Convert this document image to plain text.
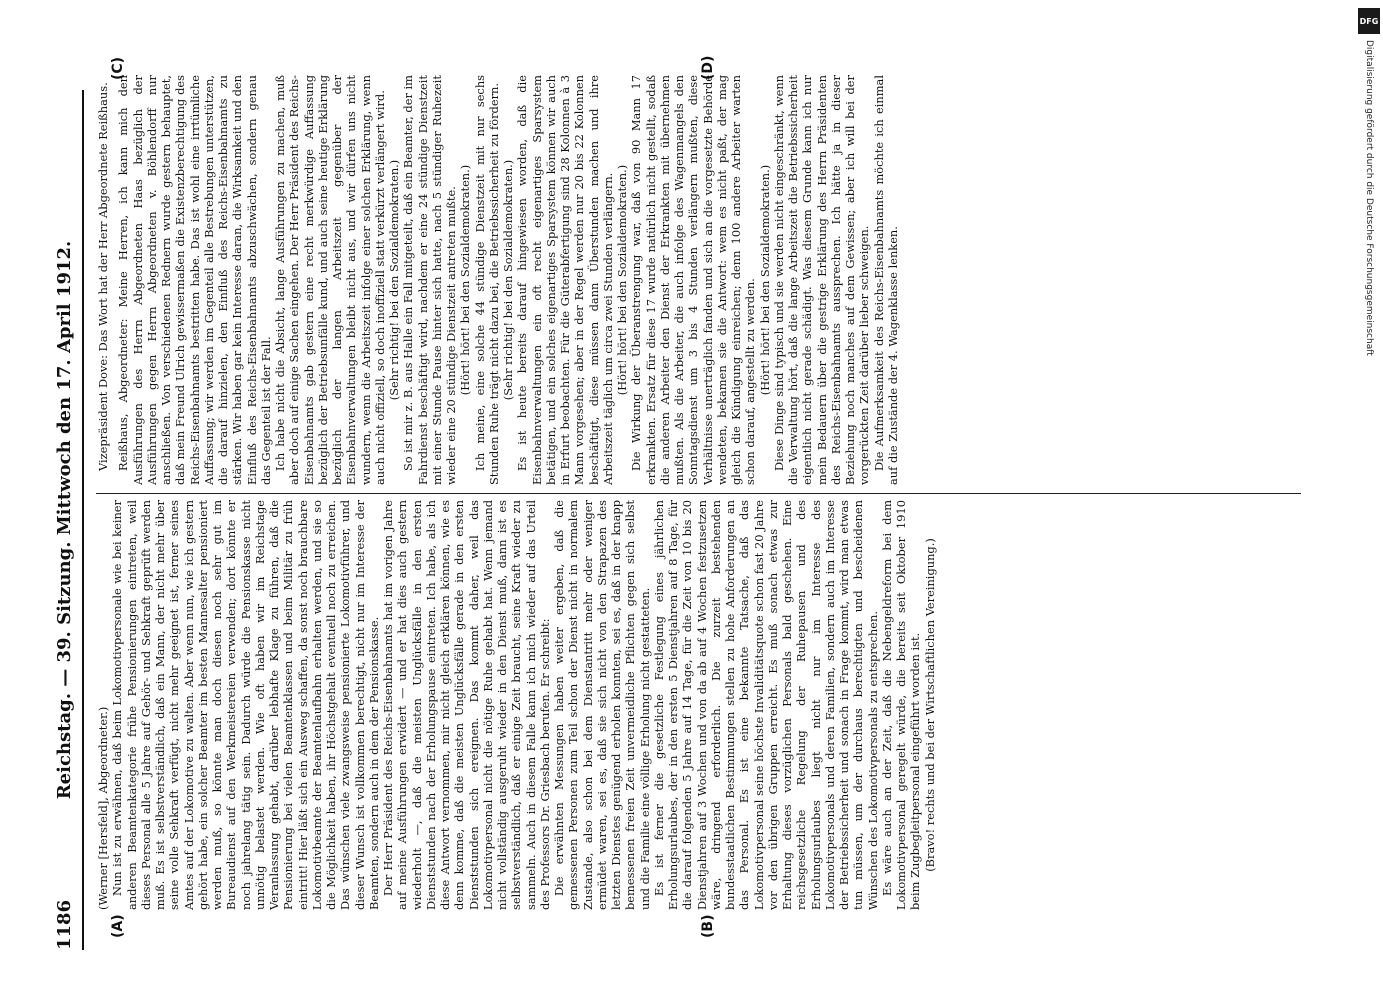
1186
Reichstag. — 39. Sitzung. Mittwoch den 17. April 1912.
(A)	(B)
(C)	(D)

(Werner [Hersfeld], Abgeordneter.) Nun ist zu erwähnen, daß beim Lokomotivpersonale wie bei keiner anderen Beamtenkategorie frühe Pensionierungen eintreten, weil dieses Personal alle 5 Jahre auf Gehör- und Sehkraft geprüft werden muß. Es ist selbstverständlich, daß ein Mann, der nicht mehr über seine volle Sehkraft verfügt, nicht mehr geeignet ist, ferner seines Amtes auf der Lokomotive zu walten. Aber wenn nun, wie ich gestern gehört habe, ein solcher Beamter im besten Mannesalter pensioniert werden muß, so könnte man doch diesen noch sehr gut im Bureaudienst auf den Werkmeistereien verwenden; dort könnte er noch jahrelang tätig sein. Dadurch würde die Pensionskasse nicht unnötig belastet werden. Wie oft haben wir im Reichstage Veranlassung gehabt, darüber lebhafte Klage zu führen, daß die Pensionierung bei vielen Beamtenklassen und beim Militär zu früh eintritt! Hier läßt sich ein Ausweg schaffen, da sonst noch brauchbare Lokomotivbeamte der Beamtenlaufbahn erhalten werden, und sie so die Möglichkeit haben, ihr Höchstgehalt eventuell noch zu erreichen. Das wünschen viele zwangsweise pensionierte Lokomotivführer, und dieser Wunsch ist vollkommen berechtigt, nicht nur im Interesse der Beamten, sondern auch in dem der Pensionskasse. Der Herr Präsident des Reichs-Eisenbahnamts hat im vorigen Jahre auf meine Ausführungen erwidert — und er hat dies auch gestern wiederholt —, daß die meisten Unglücksfälle in den ersten Dienststunden nach der Erholungspause eintreten. Ich habe, als ich diese Antwort vernommen, mir nicht gleich erklären können, wie es denn komme, daß die meisten Unglücksfälle gerade in den ersten Dienststunden sich ereignen. Das kommt daher, weil das Lokomotivpersonal nicht die nötige Ruhe gehabt hat. Wenn jemand nicht vollständig ausgeruht wieder in den Dienst muß, dann ist es selbstverständlich, daß er einige Zeit braucht, seine Kraft wieder zu sammeln. Auch in diesem Falle kann ich mich wieder auf das Urteil des Professors Dr. Griesbach berufen. Er schreibt: Die erwähnten Messungen haben weiter ergeben, daß die gemessenen Personen zum Teil schon der Dienst nicht in normalem Zustande, also schon bei dem Dienstantritt mehr oder weniger ermüdet waren, sei es, daß sie sich nicht von den Strapazen des letzten Dienstes genügend erholen konnten, sei es, daß in der knapp bemessenen freien Zeit unvermeidliche Pflichten gegen sich selbst und die Familie eine völlige Erholung nicht gestatteten. Es ist ferner die gesetzliche Festlegung eines jährlichen Erholungsurlaubes, der in den ersten 5 Dienstjahren auf 8 Tage, für die darauf folgenden 5 Jahre auf 14 Tage, für die Zeit von 10 bis 20 Dienstjahren auf 3 Wochen und von da ab auf 4 Wochen festzusetzen wäre, dringend erforderlich. Die zurzeit bestehenden bundesstaatlichen Bestimmungen stellen zu hohe Anforderungen an das Personal. Es ist eine bekannte Tatsache, daß das Lokomotivpersonal seine höchste Invaliditätsquote schon fast 20 Jahre vor den übrigen Gruppen erreicht. Es muß sonach etwas zur Erhaltung dieses vorzüglichen Personals bald geschehen. Eine reichsgesetzliche Regelung der Ruhepausen und des Erholungsurlaubes liegt nicht nur im Interesse des Lokomotivpersonals und deren Familien, sondern auch im Interesse der Betriebssicherheit und sonach in Frage kommt, wird man etwas tun müssen, um der durchaus berechtigten und bescheidenen Wünschen des Lokomotivpersonals zu entsprechen. Es wäre auch an der Zeit, daß die Nebengeldreform bei dem Lokomotivpersonal geregelt würde, die bereits seit Oktober 1910 beim Zugbegleitpersonal eingeführt worden ist. (Bravo! rechts und bei der Wirtschaftlichen Vereinigung.)

Vizepräsident Dove: Das Wort hat der Herr Abgeordnete Reißhaus. Reißhaus, Abgeordneter: Meine Herren, ich kann mich den Ausführungen des Herrn Abgeordneten Haas bezüglich der Ausführungen gegen Herrn Abgeordneten v. Böhlendorff nur anschließen. Von verschiedenen Rednern wurde gestern behauptet, daß mein Freund Ulrich gewissermaßen die Existenzberechtigung des Reichs-Eisenbahnamts bestritten habe. Das ist wohl eine irrtümliche Auffassung; wir werden im Gegenteil alle Bestrebungen unterstützen, die darauf hinzielen, den Einfluß des Reichs-Eisenbahnamts zu stärken. Wir haben gar kein Interesse daran, die Wirksamkeit und den Einfluß des Reichs-Eisenbahnamts abzuschwächen, sondern genau das Gegenteil ist der Fall. Ich habe nicht die Absicht, lange Ausführungen zu machen, muß aber doch auf einige Sachen eingehen. Der Herr Präsident des Reichs-Eisenbahnamts gab gestern eine recht merkwürdige Auffassung bezüglich der Betriebsunfälle kund, und auch seine heutige Erklärung bezüglich der langen Arbeitszeit gegenüber der Eisenbahnverwaltungen bleibt nicht aus, und wir dürfen uns nicht wundern, wenn die Arbeitszeit infolge einer solchen Erklärung, wenn auch nicht offiziell, so doch inoffiziell statt verkürzt verlängert wird. (Sehr richtig! bei den Sozialdemokraten.) So ist mir z. B. aus Halle ein Fall mitgeteilt, daß ein Beamter, der im Fahrdienst beschäftigt wird, nachdem er eine 24 stündige Dienstzeit mit einer Stunde Pause hinter sich hatte, nach 5 stündiger Ruhezeit wieder eine 20 stündige Dienstzeit antreten mußte. (Hört! hört! bei den Sozialdemokraten.) Ich meine, eine solche 44 stündige Dienstzeit mit nur sechs Stunden Ruhe trägt nicht dazu bei, die Betriebssicherheit zu fördern. (Sehr richtig! bei den Sozialdemokraten.) Es ist heute bereits darauf hingewiesen worden, daß die Eisenbahnverwaltungen ein oft recht eigenartiges Sparsystem betätigen, und ein solches eigenartiges Sparsystem können wir auch in Erfurt beobachten. Für die Güterabfertigung sind 28 Kolonnen à 3 Mann vorgesehen; aber in der Regel werden nur 20 bis 22 Kolonnen beschäftigt, diese müssen dann Überstunden machen und ihre Arbeitszeit täglich um circa zwei Stunden verlängern. (Hört! hört! bei den Sozialdemokraten.) Die Wirkung der Überanstrengung war, daß von 90 Mann 17 erkrankten. Ersatz für diese 17 wurde natürlich nicht gestellt, sodaß die anderen Arbeiter den Dienst der Erkrankten mit übernehmen mußten. Als die Arbeiter, die auch infolge des Wagenmangels den Sonntagsdienst um 3 bis 4 Stunden verlängern mußten, diese Verhältnisse unerträglich fanden und sich an die vorgesetzte Behörde wendeten, bekamen sie die Antwort: wem es nicht paßt, der mag gleich die Kündigung einreichen; denn 100 andere Arbeiter warten schon darauf, angestellt zu werden. (Hört! hört! bei den Sozialdemokraten.) Diese Dinge sind typisch und sie werden nicht eingeschränkt, wenn die Verwaltung hört, daß die lange Arbeitszeit die Betriebssicherheit eigentlich nicht gerade schädigt. Was diesem Grunde kann ich nur mein Bedauern über die gestrige Erklärung des Herrn Präsidenten des Reichs-Eisenbahnamts aussprechen. Ich hätte ja in dieser Beziehung noch manches auf dem Gewissen; aber ich will bei der vorgerückten Zeit darüber lieber schweigen. Die Aufmerksamkeit des Reichs-Eisenbahnamts möchte ich einmal auf die Zustände der 4. Wagenklasse lenken.

DFG
Digitalisierung gefördert durch die Deutsche Forschungsgemeinschaft
